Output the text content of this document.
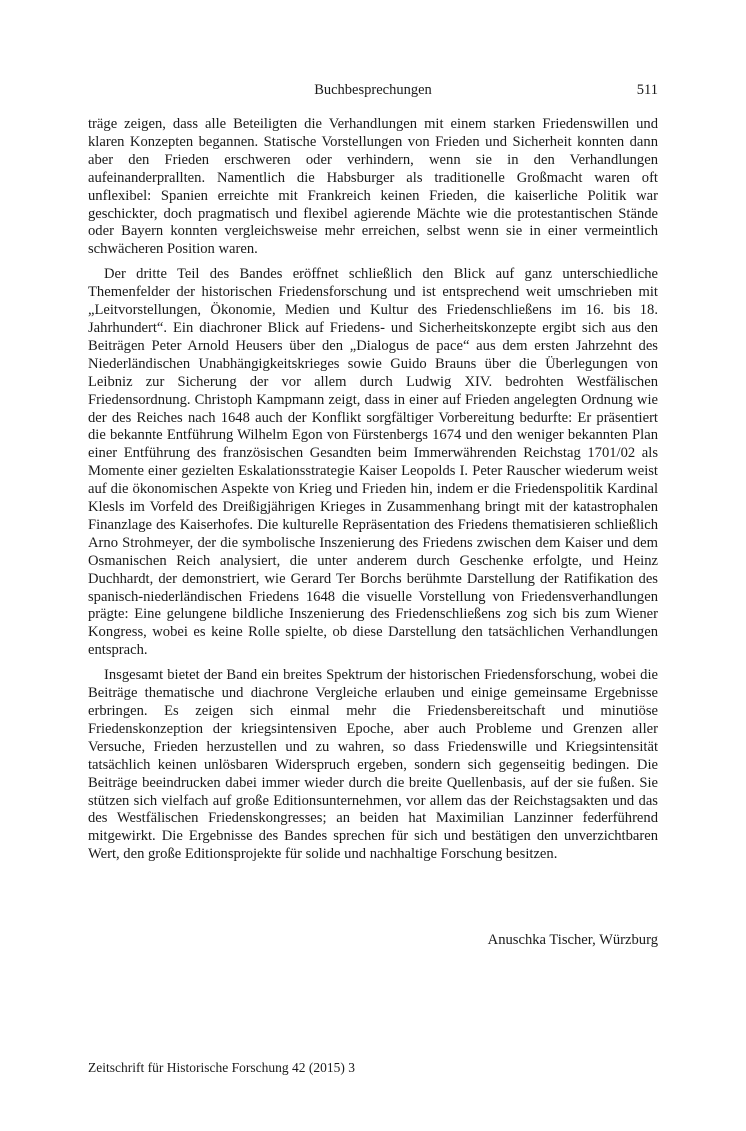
Buchbesprechungen	511

träge zeigen, dass alle Beteiligten die Verhandlungen mit einem starken Friedenswillen und klaren Konzepten begannen. Statische Vorstellungen von Frieden und Sicherheit konnten dann aber den Frieden erschweren oder verhindern, wenn sie in den Verhandlungen aufeinanderprallten. Namentlich die Habsburger als traditionelle Großmacht waren oft unflexibel: Spanien erreichte mit Frankreich keinen Frieden, die kaiserliche Politik war geschickter, doch pragmatisch und flexibel agierende Mächte wie die protestantischen Stände oder Bayern konnten vergleichsweise mehr erreichen, selbst wenn sie in einer vermeintlich schwächeren Position waren.

Der dritte Teil des Bandes eröffnet schließlich den Blick auf ganz unterschiedliche Themenfelder der historischen Friedensforschung und ist entsprechend weit umschrieben mit „Leitvorstellungen, Ökonomie, Medien und Kultur des Friedenschließens im 16. bis 18. Jahrhundert“. Ein diachroner Blick auf Friedens- und Sicherheitskonzepte ergibt sich aus den Beiträgen Peter Arnold Heusers über den „Dialogus de pace“ aus dem ersten Jahrzehnt des Niederländischen Unabhängigkeitskrieges sowie Guido Brauns über die Überlegungen von Leibniz zur Sicherung der vor allem durch Ludwig XIV. bedrohten Westfälischen Friedensordnung. Christoph Kampmann zeigt, dass in einer auf Frieden angelegten Ordnung wie der des Reiches nach 1648 auch der Konflikt sorgfältiger Vorbereitung bedurfte: Er präsentiert die bekannte Entführung Wilhelm Egon von Fürstenbergs 1674 und den weniger bekannten Plan einer Entführung des französischen Gesandten beim Immerwährenden Reichstag 1701/02 als Momente einer gezielten Eskalationsstrategie Kaiser Leopolds I. Peter Rauscher wiederum weist auf die ökonomischen Aspekte von Krieg und Frieden hin, indem er die Friedenspolitik Kardinal Klesls im Vorfeld des Dreißigjährigen Krieges in Zusammenhang bringt mit der katastrophalen Finanzlage des Kaiserhofes. Die kulturelle Repräsentation des Friedens thematisieren schließlich Arno Strohmeyer, der die symbolische Inszenierung des Friedens zwischen dem Kaiser und dem Osmanischen Reich analysiert, die unter anderem durch Geschenke erfolgte, und Heinz Duchhardt, der demonstriert, wie Gerard Ter Borchs berühmte Darstellung der Ratifikation des spanisch-niederländischen Friedens 1648 die visuelle Vorstellung von Friedensverhandlungen prägte: Eine gelungene bildliche Inszenierung des Friedenschließens zog sich bis zum Wiener Kongress, wobei es keine Rolle spielte, ob diese Darstellung den tatsächlichen Verhandlungen entsprach.

Insgesamt bietet der Band ein breites Spektrum der historischen Friedensforschung, wobei die Beiträge thematische und diachrone Vergleiche erlauben und einige gemeinsame Ergebnisse erbringen. Es zeigen sich einmal mehr die Friedensbereitschaft und minutiöse Friedenskonzeption der kriegsintensiven Epoche, aber auch Probleme und Grenzen aller Versuche, Frieden herzustellen und zu wahren, so dass Friedenswille und Kriegsintensität tatsächlich keinen unlösbaren Widerspruch ergeben, sondern sich gegenseitig bedingen. Die Beiträge beeindrucken dabei immer wieder durch die breite Quellenbasis, auf der sie fußen. Sie stützen sich vielfach auf große Editionsunternehmen, vor allem das der Reichstagsakten und das des Westfälischen Friedenskongresses; an beiden hat Maximilian Lanzinner federführend mitgewirkt. Die Ergebnisse des Bandes sprechen für sich und bestätigen den unverzichtbaren Wert, den große Editionsprojekte für solide und nachhaltige Forschung besitzen.

Anuschka Tischer, Würzburg
Zeitschrift für Historische Forschung 42 (2015) 3
